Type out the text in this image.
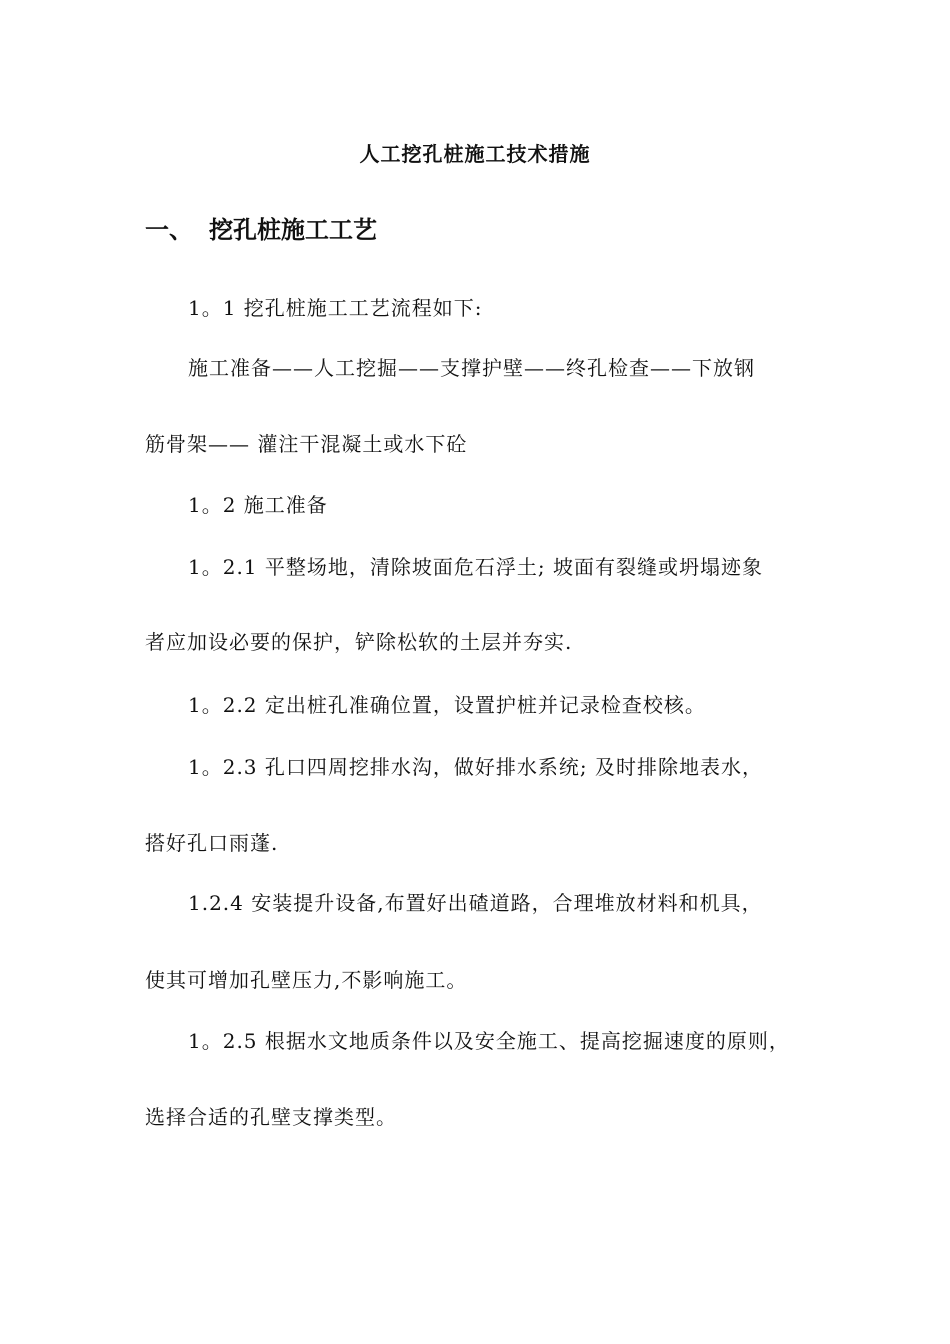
人工挖孔桩施工技术措施
一、 挖孔桩施工工艺
1。1 挖孔桩施工工艺流程如下:
施工准备——人工挖掘——支撑护壁——终孔检查——下放钢
筋骨架—— 灌注干混凝土或水下砼
1。2 施工准备
1。2.1 平整场地，清除坡面危石浮土; 坡面有裂缝或坍塌迹象
者应加设必要的保护，铲除松软的土层并夯实.
1。2.2 定出桩孔准确位置，设置护桩并记录检查校核。
1。2.3 孔口四周挖排水沟，做好排水系统; 及时排除地表水，
搭好孔口雨蓬.
1.2.4 安装提升设备,布置好出碴道路，合理堆放材料和机具，
使其可增加孔壁压力,不影响施工。
1。2.5 根据水文地质条件以及安全施工、提高挖掘速度的原则，
选择合适的孔壁支撑类型。
